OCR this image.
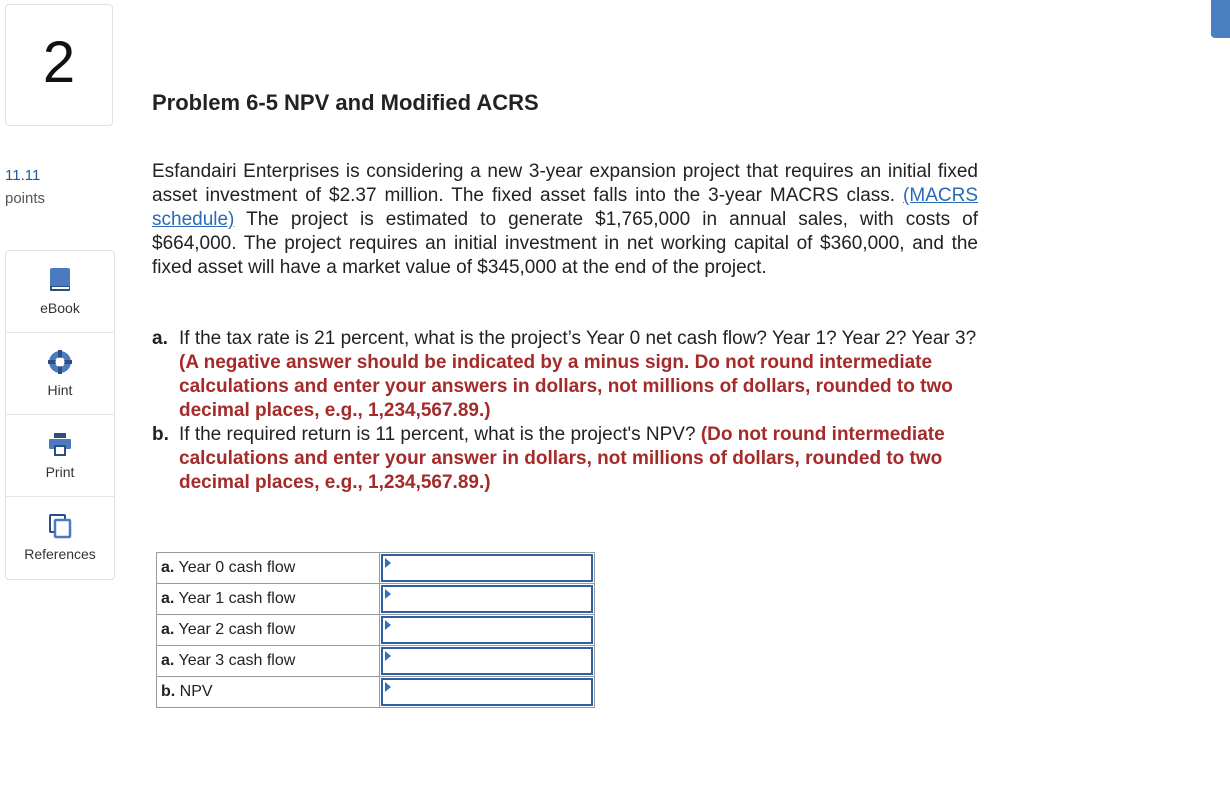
2
11.11
points
eBook
Hint
Print
References
Problem 6-5 NPV and Modified ACRS
Esfandairi Enterprises is considering a new 3-year expansion project that requires an initial fixed asset investment of $2.37 million. The fixed asset falls into the 3-year MACRS class. (MACRS schedule) The project is estimated to generate $1,765,000 in annual sales, with costs of $664,000. The project requires an initial investment in net working capital of $360,000, and the fixed asset will have a market value of $345,000 at the end of the project.
a. If the tax rate is 21 percent, what is the project’s Year 0 net cash flow? Year 1? Year 2? Year 3? (A negative answer should be indicated by a minus sign. Do not round intermediate calculations and enter your answers in dollars, not millions of dollars, rounded to two decimal places, e.g., 1,234,567.89.)
b. If the required return is 11 percent, what is the project's NPV? (Do not round intermediate calculations and enter your answer in dollars, not millions of dollars, rounded to two decimal places, e.g., 1,234,567.89.)
a. Year 0 cash flow	

a. Year 1 cash flow	

a. Year 2 cash flow	

a. Year 3 cash flow	

b. NPV	
